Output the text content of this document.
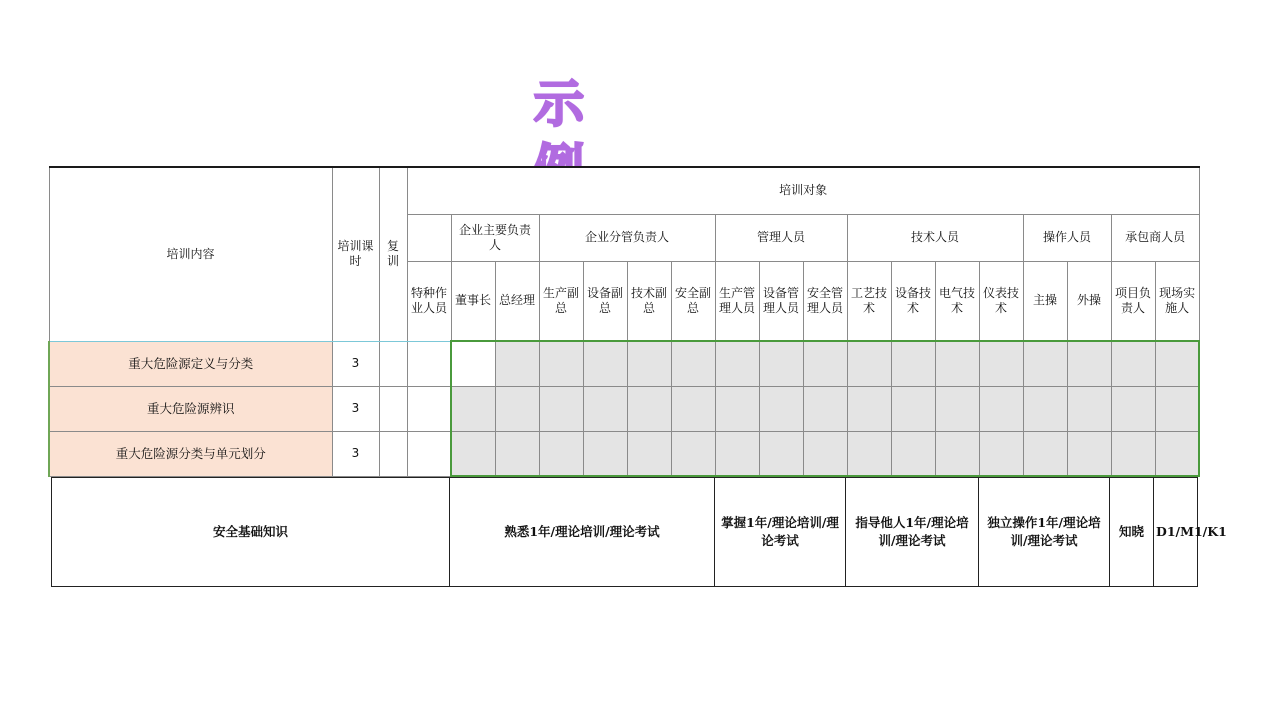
示
培训内容	培训课时	复训	培训对象																	
				企业主要负责人		企业分管负责人				管理人员			技术人员				操作人员		承包商人员	
			特种作业人员	董事长	总经理	生产副总	设备副总	技术副总	安全副总	生产管理人员	设备管理人员	安全管理人员	工艺技术	设备技术	电气技术	仪表技术	主操	外操	项目负责人	现场实施人
重大危险源定义与分类	3																			
重大危险源辨识	3																			
重大危险源分类与单元划分	3																			
安全基础知识	熟悉1年/理论培训/理论考试	掌握1年/理论培训/理论考试	指导他人1年/理论培训/理论考试	独立操作1年/理论培训/理论考试	知晓	D1/M1/K1
